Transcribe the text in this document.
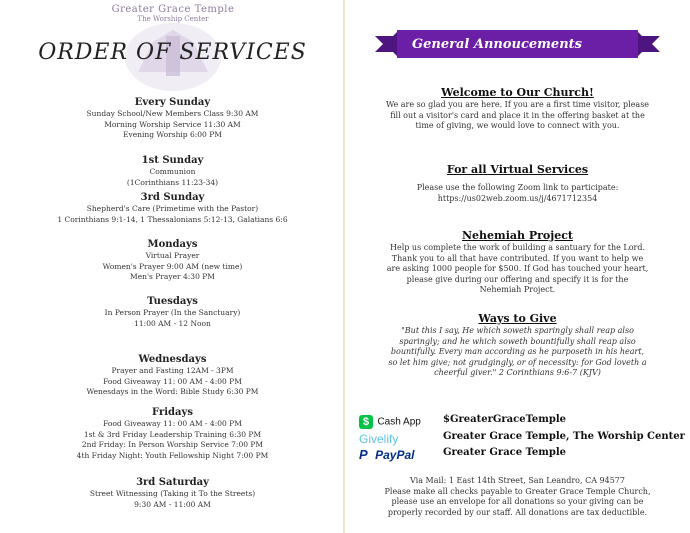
Greater Grace Temple
The Worship Center
ORDER OF SERVICES

Every Sunday

Sunday School/New Members Class 9:30 AM

Morning Worship Service 11:30 AM

Evening Worship 6:00 PM

1st Sunday

Communion

(1Corinthians 11:23-34)

3rd Sunday

Shepherd's Care (Primetime with the Pastor)

1 Corinthians 9:1-14, 1 Thessalonians 5:12-13, Galatians 6:6

Mondays

Virtual Prayer

Women's Prayer 9:00 AM (new time)

Men's Prayer 4:30 PM

Tuesdays

In Person Prayer (In the Sanctuary)

11:00 AM - 12 Noon

Wednesdays

Prayer and Fasting 12AM - 3PM

Food Giveaway 11: 00 AM - 4:00 PM

Wenesdays in the Word: Bible Study 6:30 PM

Fridays

Food Giveaway 11: 00 AM - 4:00 PM

1st & 3rd Friday Leadership Training 6:30 PM

2nd Friday: In Person Worship Service 7:00 PM

4th Friday Night: Youth Fellowship Night 7:00 PM

3rd Saturday

Street Witnessing (Taking it To the Streets)

9:30 AM - 11:00 AM

General Annoucements

Welcome to Our Church!

We are so glad you are here. If you are a first time visitor, please

fill out a visitor's card and place it in the offering basket at the

time of giving, we would love to connect with you.

For all Virtual Services

Please use the following Zoom link to participate:

https://us02web.zoom.us/j/4671712354

Nehemiah Project

Help us complete the work of building a santuary for the Lord.

Thank you to all that have contributed. If you want to help we

are asking 1000 people for $500. If God has touched your heart,

please give during our offering and specify it is for the

Nehemiah Project.

Ways to Give

"But this I say, He which soweth sparingly shall reap also

sparingly; and he which soweth bountifully shall reap also

bountifully. Every man according as he purposeth in his heart,

so let him give; not grudgingly, or of necessity: for God loveth a

cheerful giver." 2 Corinthians 9:6-7 (KJV)

$ Cash App $GreaterGraceTemple
Givelify	Greater Grace Temple, The Worship Center
P PayPal	Greater Grace Temple

Via Mail: 1 East 14th Street, San Leandro, CA 94577

Please make all checks payable to Greater Grace Temple Church,

please use an envelope for all donations so your giving can be

properly recorded by our staff. All donations are tax deductible.
